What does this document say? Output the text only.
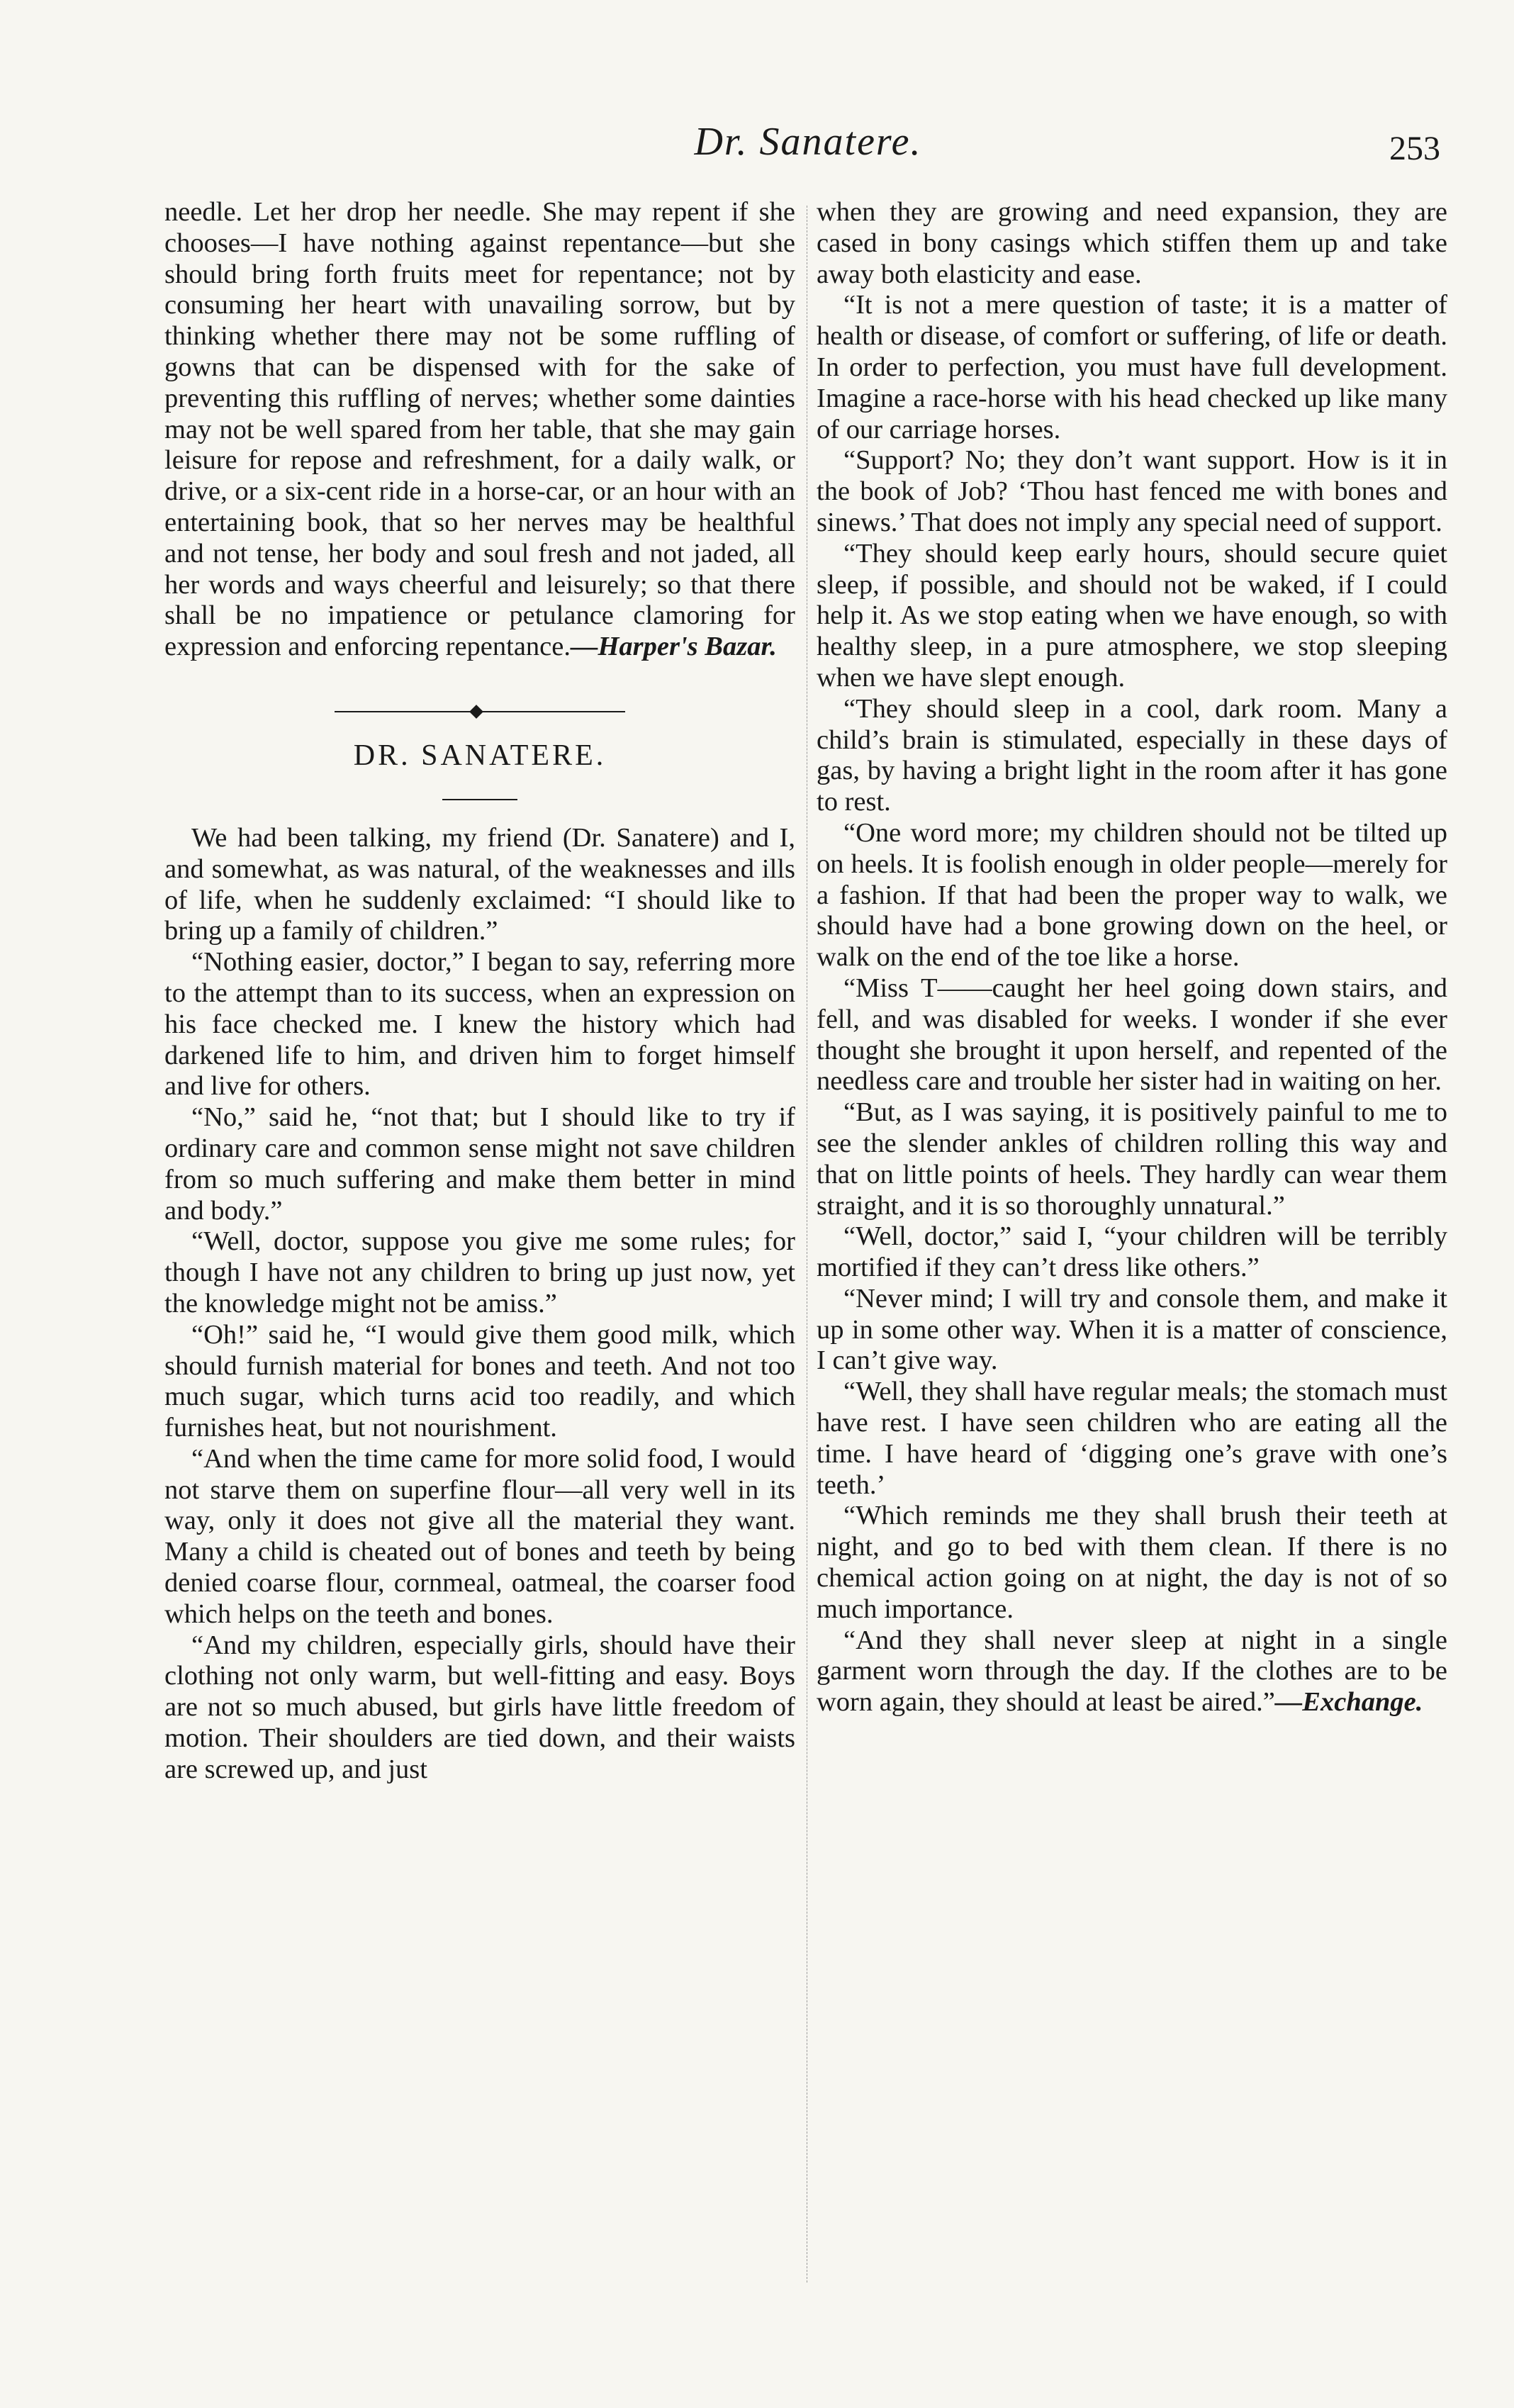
Dr. Sanatere.	253

needle. Let her drop her needle. She may repent if she chooses—I have nothing against repentance—but she should bring forth fruits meet for repentance; not by consuming her heart with unavailing sorrow, but by thinking whether there may not be some ruffling of gowns that can be dispensed with for the sake of preventing this ruffling of nerves; whether some dainties may not be well spared from her table, that she may gain leisure for repose and refreshment, for a daily walk, or drive, or a six-cent ride in a horse-car, or an hour with an entertaining book, that so her nerves may be healthful and not tense, her body and soul fresh and not jaded, all her words and ways cheerful and leisurely; so that there shall be no impatience or petulance clamoring for expression and enforcing repentance.—Harper's Bazar.

DR. SANATERE.

We had been talking, my friend (Dr. Sanatere) and I, and somewhat, as was natural, of the weaknesses and ills of life, when he suddenly exclaimed: “I should like to bring up a family of children.”

“Nothing easier, doctor,” I began to say, referring more to the attempt than to its success, when an expression on his face checked me. I knew the history which had darkened life to him, and driven him to forget himself and live for others.

“No,” said he, “not that; but I should like to try if ordinary care and common sense might not save children from so much suffering and make them better in mind and body.”

“Well, doctor, suppose you give me some rules; for though I have not any children to bring up just now, yet the knowledge might not be amiss.”

“Oh!” said he, “I would give them good milk, which should furnish material for bones and teeth. And not too much sugar, which turns acid too readily, and which furnishes heat, but not nourishment.

“And when the time came for more solid food, I would not starve them on superfine flour—all very well in its way, only it does not give all the material they want. Many a child is cheated out of bones and teeth by being denied coarse flour, cornmeal, oatmeal, the coarser food which helps on the teeth and bones.

“And my children, especially girls, should have their clothing not only warm, but well-fitting and easy. Boys are not so much abused, but girls have little freedom of motion. Their shoulders are tied down, and their waists are screwed up, and just

when they are growing and need expansion, they are cased in bony casings which stiffen them up and take away both elasticity and ease.

“It is not a mere question of taste; it is a matter of health or disease, of comfort or suffering, of life or death. In order to perfection, you must have full development. Imagine a race-horse with his head checked up like many of our carriage horses.

“Support? No; they don’t want support. How is it in the book of Job? ‘Thou hast fenced me with bones and sinews.’ That does not imply any special need of support.

“They should keep early hours, should secure quiet sleep, if possible, and should not be waked, if I could help it. As we stop eating when we have enough, so with healthy sleep, in a pure atmosphere, we stop sleeping when we have slept enough.

“They should sleep in a cool, dark room. Many a child’s brain is stimulated, especially in these days of gas, by having a bright light in the room after it has gone to rest.

“One word more; my children should not be tilted up on heels. It is foolish enough in older people—merely for a fashion. If that had been the proper way to walk, we should have had a bone growing down on the heel, or walk on the end of the toe like a horse.

“Miss T——caught her heel going down stairs, and fell, and was disabled for weeks. I wonder if she ever thought she brought it upon herself, and repented of the needless care and trouble her sister had in waiting on her.

“But, as I was saying, it is positively painful to me to see the slender ankles of children rolling this way and that on little points of heels. They hardly can wear them straight, and it is so thoroughly unnatural.”

“Well, doctor,” said I, “your children will be terribly mortified if they can’t dress like others.”

“Never mind; I will try and console them, and make it up in some other way. When it is a matter of conscience, I can’t give way.

“Well, they shall have regular meals; the stomach must have rest. I have seen children who are eating all the time. I have heard of ‘digging one’s grave with one’s teeth.’

“Which reminds me they shall brush their teeth at night, and go to bed with them clean. If there is no chemical action going on at night, the day is not of so much importance.

“And they shall never sleep at night in a single garment worn through the day. If the clothes are to be worn again, they should at least be aired.”—Exchange.
